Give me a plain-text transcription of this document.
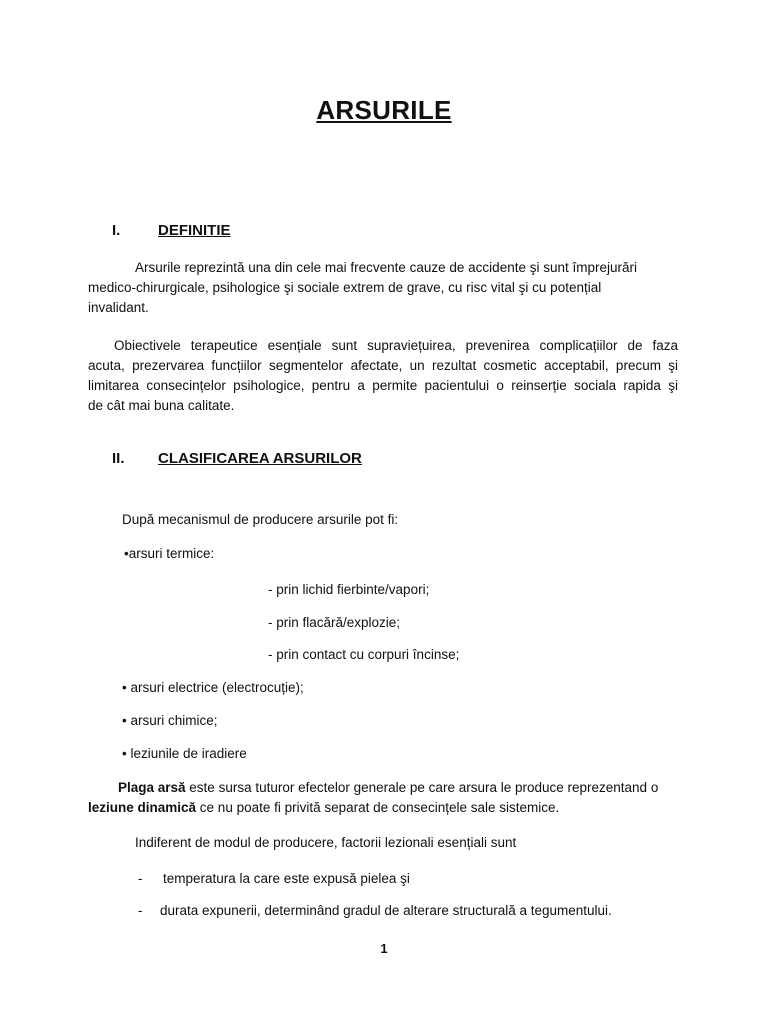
ARSURILE
I.	DEFINITIE
Arsurile reprezintă una din cele mai frecvente cauze de accidente şi sunt împrejurări
medico-chirurgicale, psihologice şi sociale extrem de grave, cu risc vital şi cu potențial
invalidant.
Obiectivele terapeutice esențiale sunt supraviețuirea, prevenirea complicațiilor de faza
acuta, prezervarea funcțiilor segmentelor afectate, un rezultat cosmetic acceptabil, precum şi
limitarea consecințelor psihologice, pentru a permite pacientului o reinserție sociala rapida şi
de cât mai buna calitate.
II. CLASIFICAREA ARSURILOR
După mecanismul de producere arsurile pot fi:
•arsuri termice:
- prin lichid fierbinte/vapori;
- prin flacără/explozie;
- prin contact cu corpuri încinse;
• arsuri electrice (electrocuție);
• arsuri chimice;
• leziunile de iradiere
Plaga arsă este sursa tuturor efectelor generale pe care arsura le produce reprezentand o
leziune dinamică ce nu poate fi privită separat de consecințele sale sistemice.
Indiferent de modul de producere, factorii lezionali esențiali sunt
- temperatura la care este expusă pielea şi
- durata expunerii, determinând gradul de alterare structurală a tegumentului.
1
